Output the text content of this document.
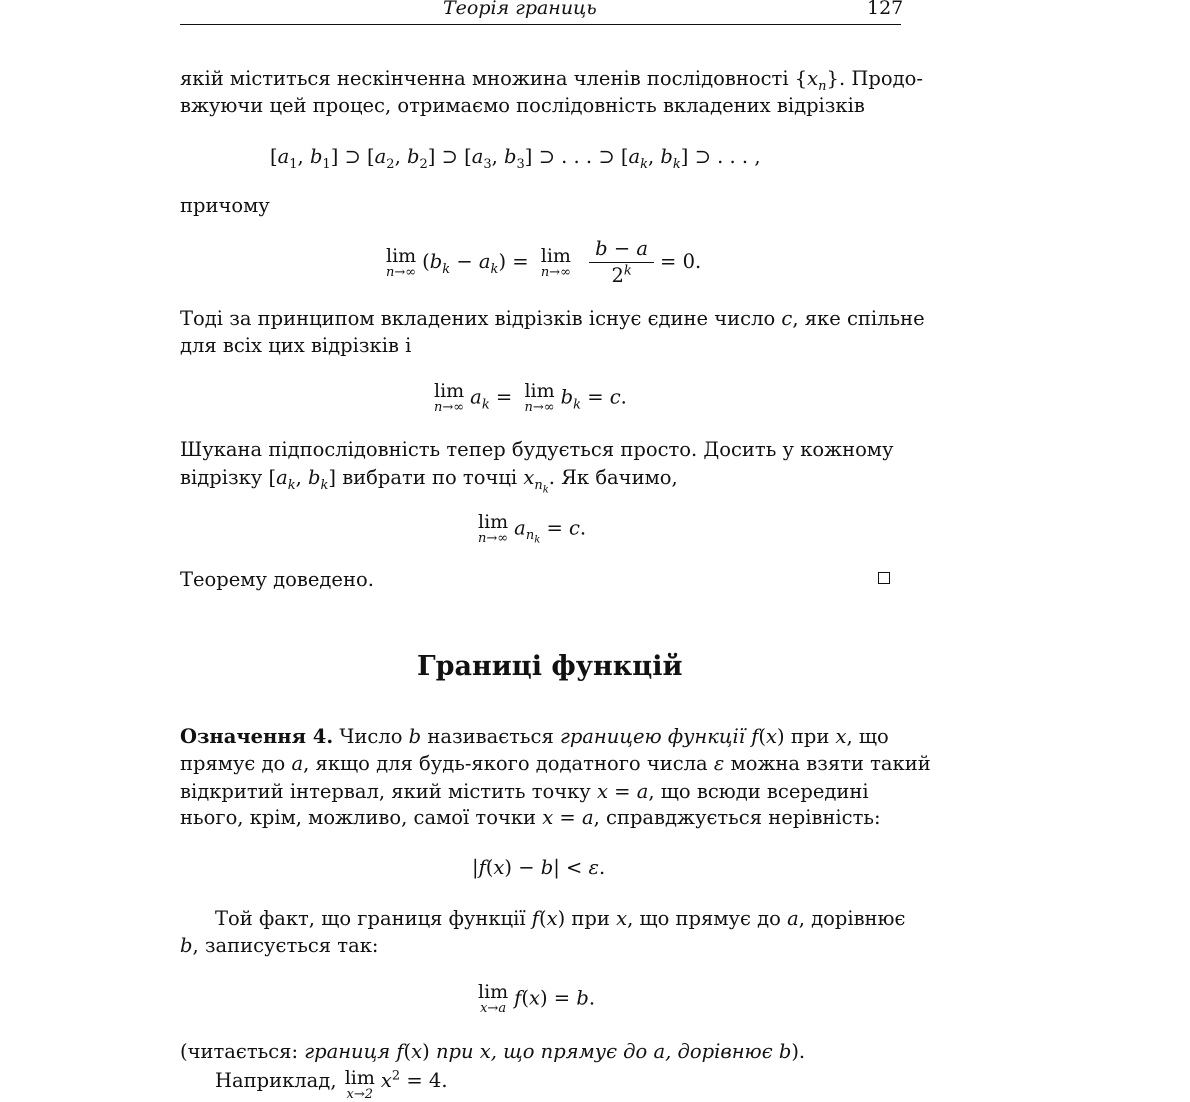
Теорія границь	127
якій міститься нескінченна множина членів послідовності $\{x_n\}$. Продо-
вжуючи цей процес, отримаємо послідовність вкладених відрізків
[$a_1$, $b_1$] ⊃ [$a_2$, $b_2$] ⊃ [$a_3$, $b_3$] ⊃ . . . ⊃ [$a_k$, $b_k$] ⊃ . . . ,
причому
lim
n→∞ $(b_k - a_k) = \lim$
n→∞
$\frac{b - a}{2^k} = 0$.
Тоді за принципом вкладених відрізків існує єдине число c, яке спільне
для всіх цих відрізків і
lim
n→∞ $a_k = \lim$
n→∞ $b_k = c$.
Шукана підпослідовність тепер будується просто. Досить у кожному
відрізку [$a_k$, $b_k$] вибрати по точці $x_{n_k}$. Як бачимо,
lim
n→∞ $a_{n_k} = c$.
Теорему доведено.
Границі функцій
Означення 4. Число b називається границею функції f(x) при x, що
прямує до a, якщо для будь-якого додатного числа ε можна взяти такий
відкритий інтервал, який містить точку x = a, що всюди всередині
нього, крім, можливо, самої точки x = a, справджується нерівність:
|f(x) − b| < ε.
Той факт, що границя функції f(x) при x, що прямує до a, дорівнює
b, записується так:
lim
x→a f(x) = b.
(читається: границя f(x) при x, що прямує до a, дорівнює b).
Наприклад, lim
x→2
$x^2 = 4$.
